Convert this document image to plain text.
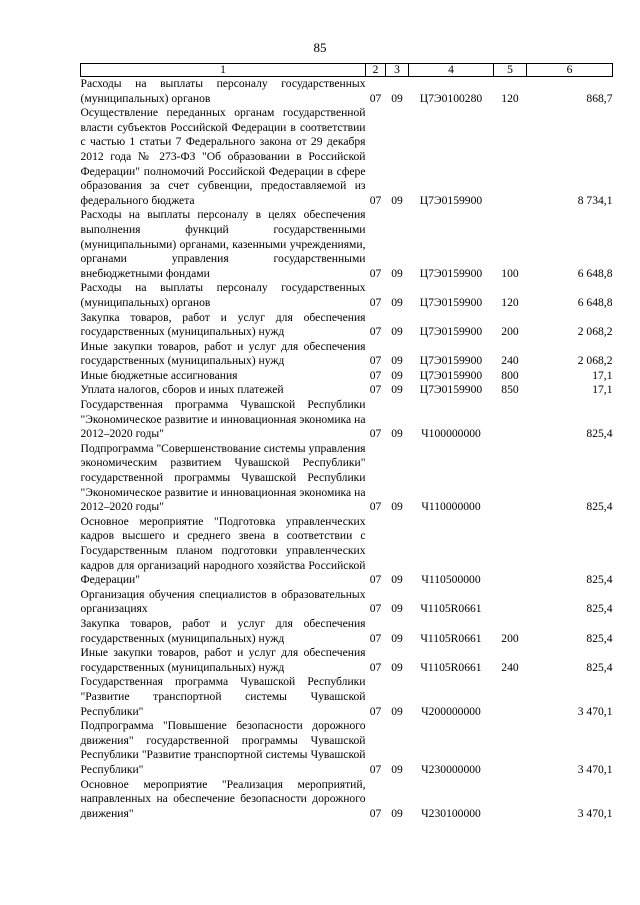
85
1	2	3	4	5	6
Расходы на выплаты персоналу государственных (муниципальных) органов	07	09	Ц7Э0100280	120	868,7
Осуществление переданных органам государственной власти субъектов Российской Федерации в соответствии с частью 1 статьи 7 Федерального закона от 29 декабря 2012 года № 273-ФЗ "Об образовании в Российской Федерации" полномочий Российской Федерации в сфере образования за счет субвенции, предоставляемой из федерального бюджета	07	09	Ц7Э0159900		8 734,1
Расходы на выплаты персоналу в целях обеспечения выполнения функций государственными (муниципальными) органами, казенными учреждениями, органами управления государственными внебюджетными фондами	07	09	Ц7Э0159900	100	6 648,8
Расходы на выплаты персоналу государственных (муниципальных) органов	07	09	Ц7Э0159900	120	6 648,8
Закупка товаров, работ и услуг для обеспечения государственных (муниципальных) нужд	07	09	Ц7Э0159900	200	2 068,2
Иные закупки товаров, работ и услуг для обеспечения государственных (муниципальных) нужд	07	09	Ц7Э0159900	240	2 068,2
Иные бюджетные ассигнования	07	09	Ц7Э0159900	800	17,1
Уплата налогов, сборов и иных платежей	07	09	Ц7Э0159900	850	17,1
Государственная программа Чувашской Республики "Экономическое развитие и инновационная экономика на 2012–2020 годы"	07	09	Ч100000000		825,4
Подпрограмма "Совершенствование системы управления экономическим развитием Чувашской Республики" государственной программы Чувашской Республики "Экономическое развитие и инновационная экономика на 2012–2020 годы"	07	09	Ч110000000		825,4
Основное мероприятие "Подготовка управленческих кадров высшего и среднего звена в соответствии с Государственным планом подготовки управленческих кадров для организаций народного хозяйства Российской Федерации"	07	09	Ч110500000		825,4
Организация обучения специалистов в образовательных организациях	07	09	Ч1105R0661		825,4
Закупка товаров, работ и услуг для обеспечения государственных (муниципальных) нужд	07	09	Ч1105R0661	200	825,4
Иные закупки товаров, работ и услуг для обеспечения государственных (муниципальных) нужд	07	09	Ч1105R0661	240	825,4
Государственная программа Чувашской Республики "Развитие транспортной системы Чувашской Республики"	07	09	Ч200000000		3 470,1
Подпрограмма "Повышение безопасности дорожного движения" государственной программы Чувашской Республики "Развитие транспортной системы Чувашской Республики"	07	09	Ч230000000		3 470,1
Основное мероприятие "Реализация мероприятий, направленных на обеспечение безопасности дорожного движения"	07	09	Ч230100000		3 470,1
